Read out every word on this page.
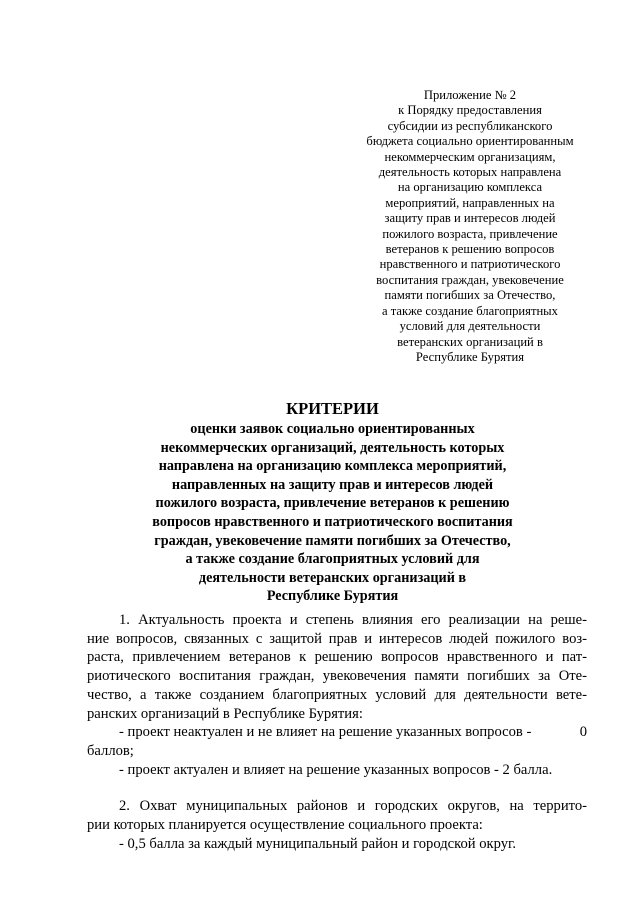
Приложение № 2
к Порядку предоставления
субсидии из республиканского
бюджета социально ориентированным
некоммерческим организациям,
деятельность которых направлена
на организацию комплекса
мероприятий, направленных на
защиту прав и интересов людей
пожилого возраста, привлечение
ветеранов к решению вопросов
нравственного и патриотического
воспитания граждан, увековечение
памяти погибших за Отечество,
а также создание благоприятных
условий для деятельности
ветеранских организаций в
Республике Бурятия
КРИТЕРИИ
оценки заявок социально ориентированных
некоммерческих организаций, деятельность которых
направлена на организацию комплекса мероприятий,
направленных на защиту прав и интересов людей
пожилого возраста, привлечение ветеранов к решению
вопросов нравственного и патриотического воспитания
граждан, увековечение памяти погибших за Отечество,
а также создание благоприятных условий для
деятельности ветеранских организаций в
Республике Бурятия
1. Актуальность проекта и степень влияния его реализации на реше-
ние вопросов, связанных с защитой прав и интересов людей пожилого воз-
раста, привлечением ветеранов к решению вопросов нравственного и пат-
риотического воспитания граждан, увековечения памяти погибших за Оте-
чество, а также созданием благоприятных условий для деятельности вете-
ранских организаций в Республике Бурятия:
- проект неактуален и не влияет на решение указанных вопросов -	0
баллов;
- проект актуален и влияет на решение указанных вопросов - 2 балла.
2. Охват муниципальных районов и городских округов, на террито-
рии которых планируется осуществление социального проекта:
- 0,5 балла за каждый муниципальный район и городской округ.
